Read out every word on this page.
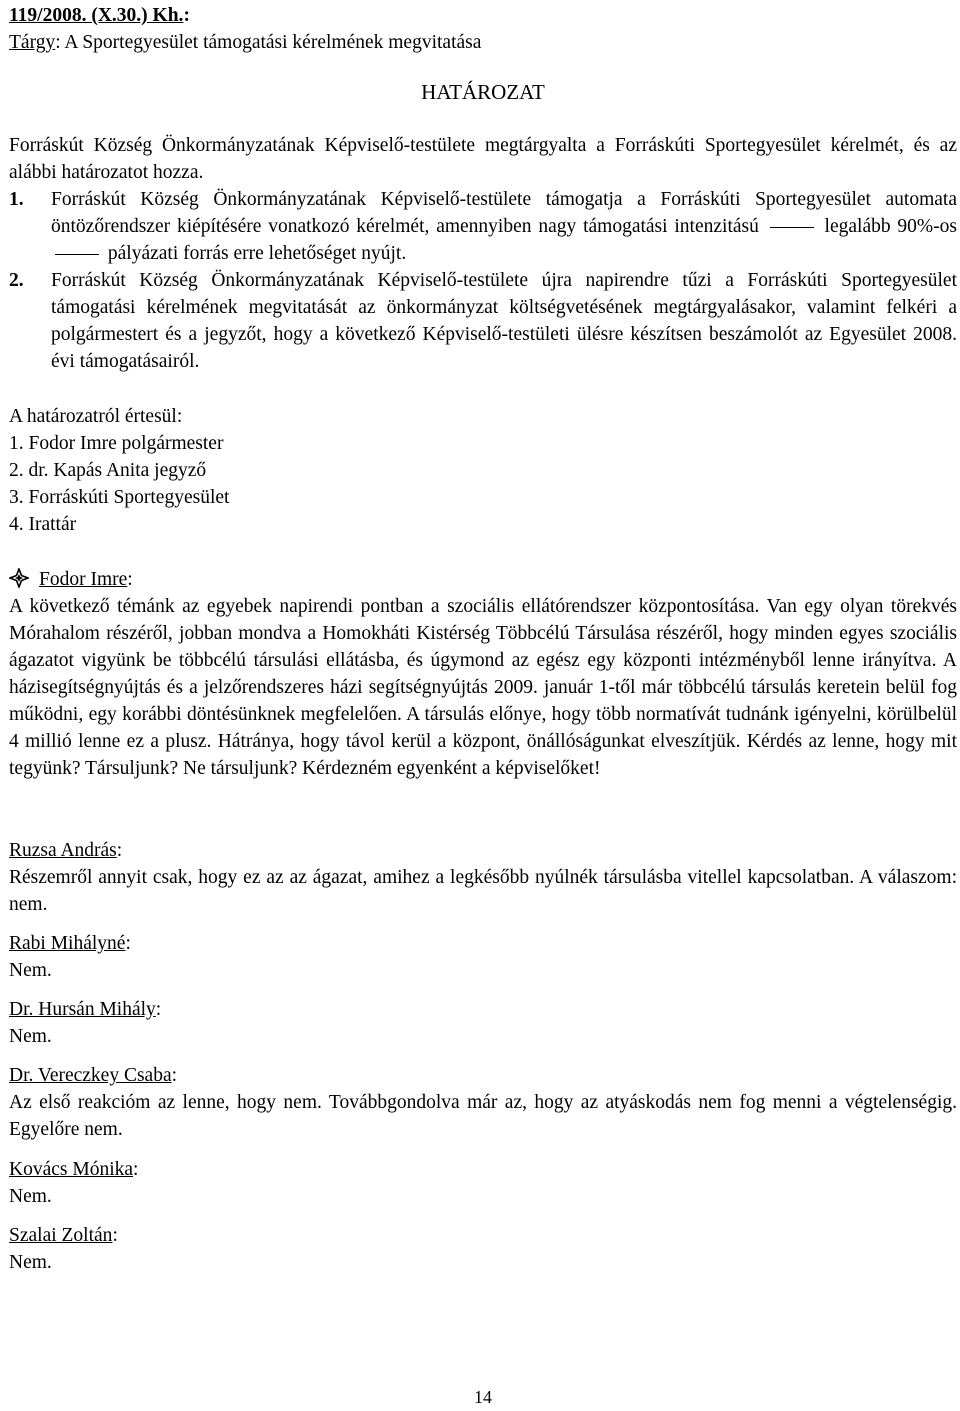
119/2008. (X.30.) Kh.:

Tárgy: A Sportegyesület támogatási kérelmének megvitatása

HATÁROZAT

Forráskút Község Önkormányzatának Képviselő-testülete megtárgyalta a Forráskúti Sportegyesület kérelmét, és az alábbi határozatot hozza.

1. Forráskút Község Önkormányzatának Képviselő-testülete támogatja a Forráskúti Sportegyesület automata öntözőrendszer kiépítésére vonatkozó kérelmét, amennyiben nagy támogatási intenzitású	legalább 90%-os  pályázati forrás erre lehetőséget nyújt.

2. Forráskút Község Önkormányzatának Képviselő-testülete újra napirendre tűzi a Forráskúti Sportegyesület támogatási kérelmének megvitatását az önkormányzat költségvetésének megtárgyalásakor, valamint felkéri a polgármestert és a jegyzőt, hogy a következő Képviselő-testületi ülésre készítsen beszámolót az Egyesület 2008. évi támogatásairól.

A határozatról értesül:

1. Fodor Imre polgármester

2. dr. Kapás Anita jegyző

3. Forráskúti Sportegyesület

4. Irattár

Fodor Imre:

A következő témánk az egyebek napirendi pontban a szociális ellátórendszer központosítása. Van egy olyan törekvés Mórahalom részéről, jobban mondva a Homokháti Kistérség Többcélú Társulása részéről, hogy minden egyes szociális ágazatot vigyünk be többcélú társulási ellátásba, és úgymond az egész egy központi intézményből lenne irányítva. A házisegítségnyújtás és a jelzőrendszeres házi segítségnyújtás 2009. január 1-től már többcélú társulás keretein belül fog működni, egy korábbi döntésünknek megfelelően. A társulás előnye, hogy több normatívát tudnánk igényelni, körülbelül 4 millió lenne ez a plusz. Hátránya, hogy távol kerül a központ, önállóságunkat elveszítjük. Kérdés az lenne, hogy mit tegyünk? Társuljunk? Ne társuljunk? Kérdezném egyenként a képviselőket!

Ruzsa András:

Részemről annyit csak, hogy ez az az ágazat, amihez a legkésőbb nyúlnék társulásba vitellel kapcsolatban. A válaszom: nem.

Rabi Mihályné:

Nem.

Dr. Hursán Mihály:

Nem.

Dr. Vereczkey Csaba:

Az első reakcióm az lenne, hogy nem. Továbbgondolva már az, hogy az atyáskodás nem fog menni a végtelenségig. Egyelőre nem.

Kovács Mónika:

Nem.

Szalai Zoltán:

Nem.

14
